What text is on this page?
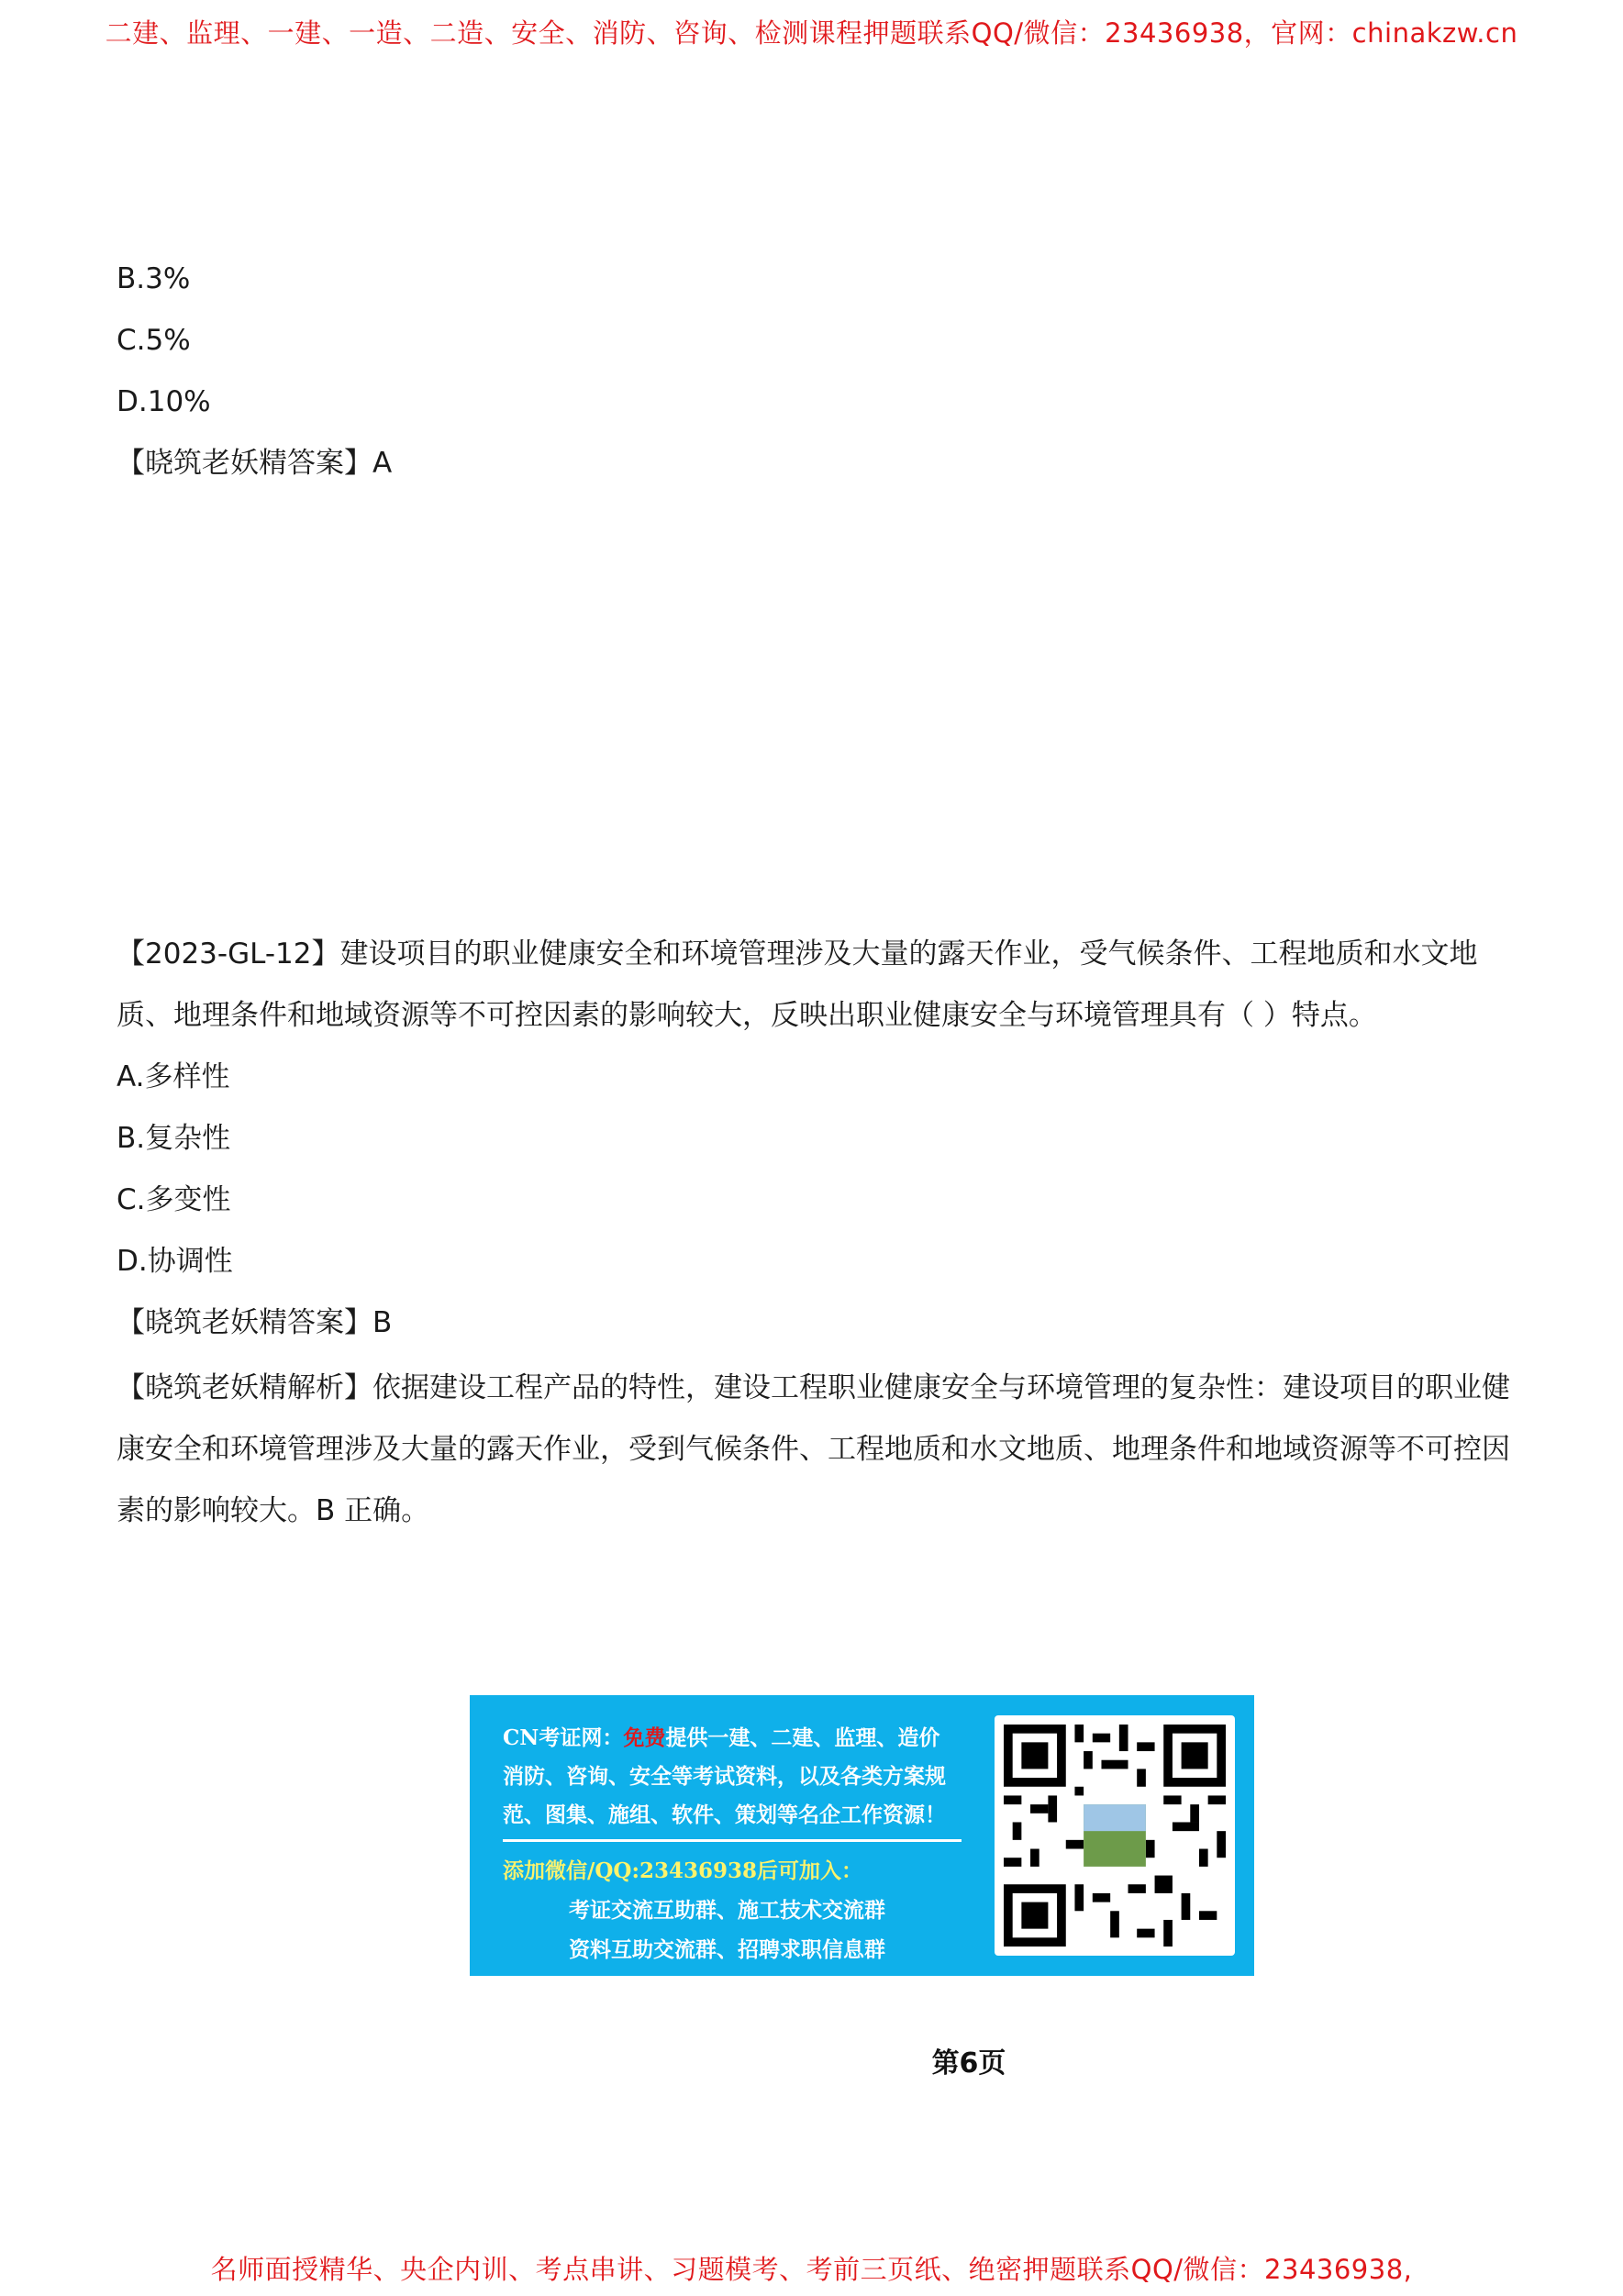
二建、监理、一建、一造、二造、安全、消防、咨询、检测课程押题联系QQ/微信：23436938，官网：chinakzw.cn
B.3%
C.5%
D.10%
【晓筑老妖精答案】A
【2023-GL-12】建设项目的职业健康安全和环境管理涉及大量的露天作业，受气候条件、工程地质和水文地
质、地理条件和地域资源等不可控因素的影响较大，反映出职业健康安全与环境管理具有（ ）特点。
A.多样性
B.复杂性
C.多变性
D.协调性
【晓筑老妖精答案】B
【晓筑老妖精解析】依据建设工程产品的特性，建设工程职业健康安全与环境管理的复杂性：建设项目的职业健康安全和环境管理涉及大量的露天作业，受到气候条件、工程地质和水文地质、地理条件和地域资源等不可控因素的影响较大。B 正确。
CN考证网：免费提供一建、二建、监理、造价
消防、咨询、安全等考试资料，以及各类方案规
范、图集、施组、软件、策划等名企工作资源！
添加微信/QQ:23436938后可加入：
考证交流互助群、施工技术交流群
资料互助交流群、招聘求职信息群
第6页
名师面授精华、央企内训、考点串讲、习题模考、考前三页纸、绝密押题联系QQ/微信：23436938,
